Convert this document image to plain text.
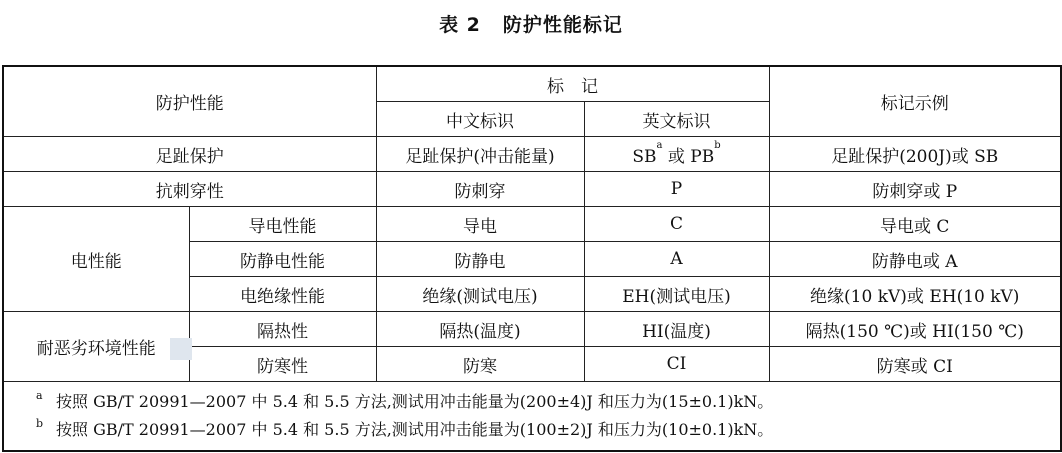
表 2 防护性能标记
防护性能		标　记		标记示例
		中文标识	英文标识	
足趾保护		足趾保护(冲击能量)	$SB^a$ 或 $PB^b$	足趾保护(200J)或 SB
抗刺穿性		防刺穿	P	防刺穿或 P
电性能	导电性能	导电	C	导电或 C
	防静电性能	防静电	A	防静电或 A
	电绝缘性能	绝缘(测试电压)	EH(测试电压)	绝缘(10 kV)或 EH(10 kV)
耐恶劣环境性能	隔热性	隔热(温度)	HI(温度)	隔热(150 ℃)或 HI(150 ℃)
	防寒性	防寒	CI	防寒或 CI

a 按照 GB/T 20991—2007 中 5.4 和 5.5 方法,测试用冲击能量为(200±4)J 和压力为(15±0.1)kN。
b 按照 GB/T 20991—2007 中 5.4 和 5.5 方法,测试用冲击能量为(100±2)J 和压力为(10±0.1)kN。				
